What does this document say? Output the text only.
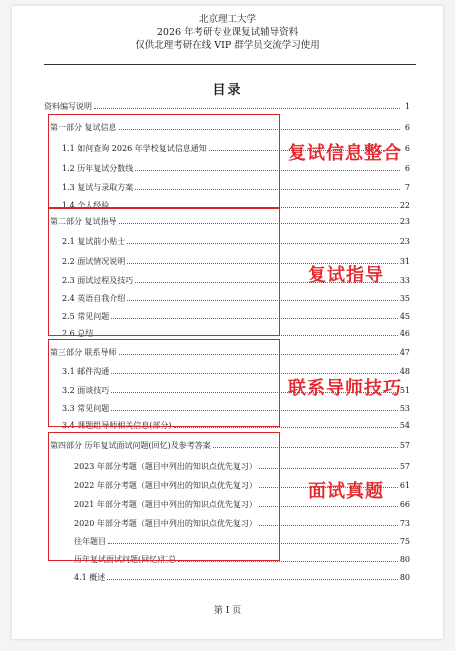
北京理工大学
2026 年考研专业课复试辅导资料
仅供北理考研在线 VIP 群学员交流学习使用
目录
资料编写说明	1
第一部分 复试信息	6
1.1 如何查询 2026 年学校复试信息通知	6
1.2 历年复试分数线	6
1.3 复试与录取方案	7
1.4 个人经验	22
第二部分 复试指导	23
2.1 复试前小贴士	23
2.2 面试情况说明	31
2.3 面试过程及技巧	33
2.4 英语自我介绍	35
2.5 常见问题	45
2.6 总结	46
第三部分 联系导师	47
3.1 邮件沟通	48
3.2 面谈技巧	51
3.3 常见问题	53
3.4 课题组导师相关信息(部分)	54
第四部分 历年复试面试问题(回忆)及参考答案	57
2023 年部分考题（题目中列出的知识点优先复习）	57
2022 年部分考题（题目中列出的知识点优先复习）	61
2021 年部分考题（题目中列出的知识点优先复习）	66
2020 年部分考题（题目中列出的知识点优先复习）	73
往年题目	75
历年复试面试问题(回忆)汇总	80
4.1 概述	80
复试信息整合
复试指导
联系导师技巧
面试真题
第 I 页
